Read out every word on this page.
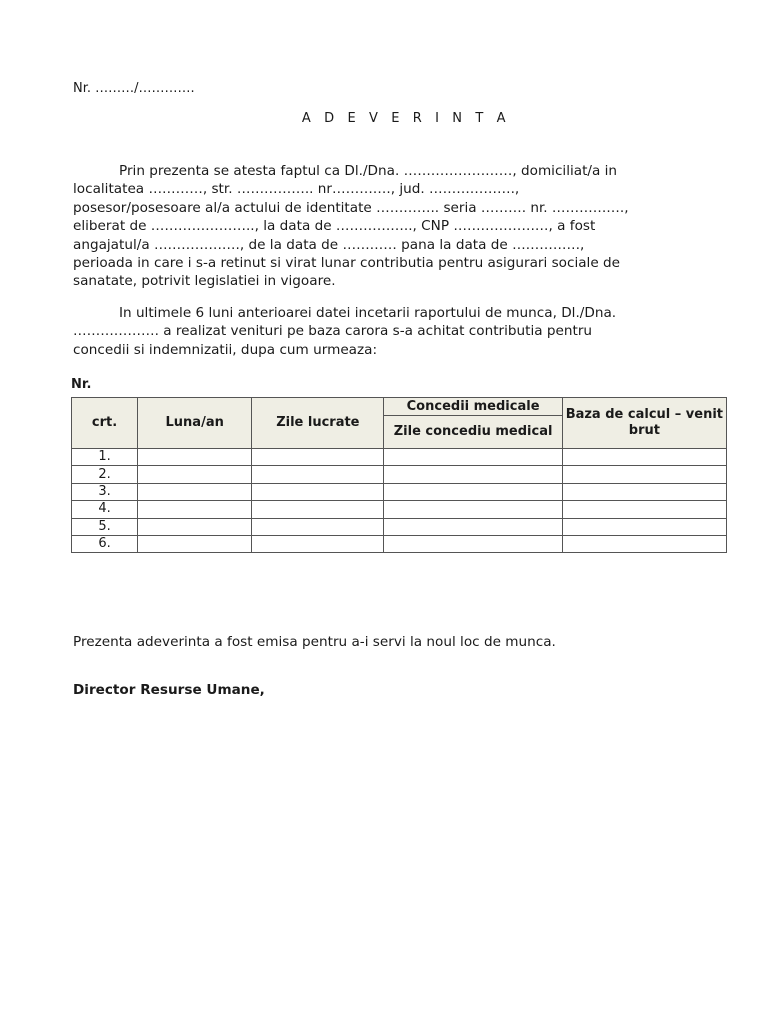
Nr. ………/………….
A D E V E R I N T A

Prin prezenta se atesta faptul ca Dl./Dna. ……………………, domiciliat/a in
localitatea …………, str. …………….. nr…………., jud. ……………….,
posesor/posesoare al/a actului de identitate ………….. seria ………. nr. …………….,
eliberat de ………………….., la data de …………….., CNP …………………, a fost
angajatul/a ………………., de la data de ………… pana la data de ……………,
perioada in care i s-a retinut si virat lunar contributia pentru asigurari sociale de
sanatate, potrivit legislatiei in vigoare.

In ultimele 6 luni anterioarei datei incetarii raportului de munca, Dl./Dna.
………………. a realizat venituri pe baza carora s-a achitat contributia pentru
concedii si indemnizatii, dupa cum urmeaza:

Nr.
crt.	Luna/an	Zile lucrate	Concedii medicale	Baza de calcul – venit brut
			Zile concediu medical	
1.				
2.				
3.				
4.				
5.				
6.				
Prezenta adeverinta a fost emisa pentru a-i servi la noul loc de munca.
Director Resurse Umane,
